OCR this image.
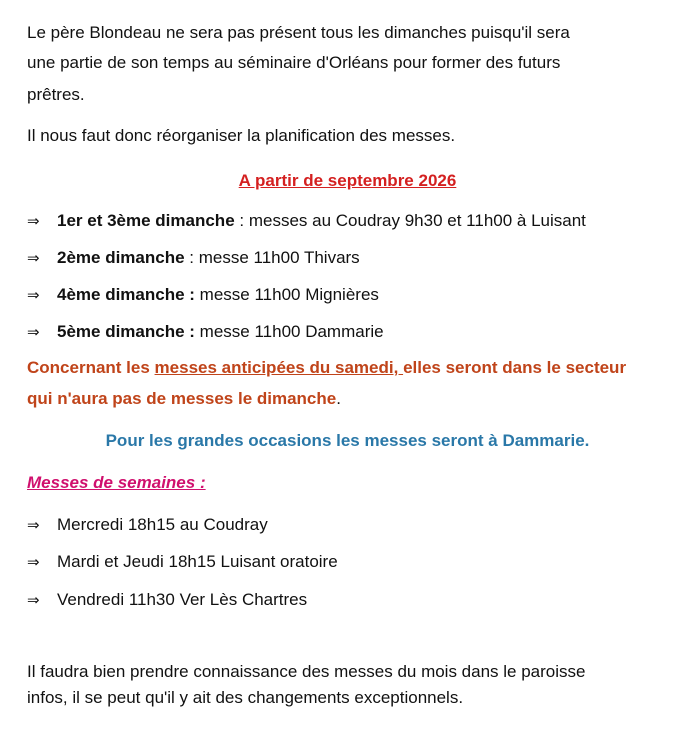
Le père Blondeau ne sera pas présent tous les dimanches puisqu'il sera
une partie de son temps au séminaire d'Orléans pour former des futurs
prêtres.
Il nous faut donc réorganiser la planification des messes.
A partir de septembre 2026
⇒ 1er et 3ème dimanche : messes au Coudray 9h30 et 11h00 à Luisant
⇒ 2ème dimanche : messe 11h00 Thivars
⇒ 4ème dimanche : messe 11h00 Mignières
⇒ 5ème dimanche : messe 11h00 Dammarie
Concernant les messes anticipées du samedi, elles seront dans le secteur
qui n'aura pas de messes le dimanche.
Pour les grandes occasions les messes seront à Dammarie.
Messes de semaines :
⇒ Mercredi 18h15 au Coudray
⇒ Mardi et Jeudi 18h15 Luisant oratoire
⇒ Vendredi 11h30 Ver Lès Chartres
Il faudra bien prendre connaissance des messes du mois dans le paroisse
infos, il se peut qu'il y ait des changements exceptionnels.
